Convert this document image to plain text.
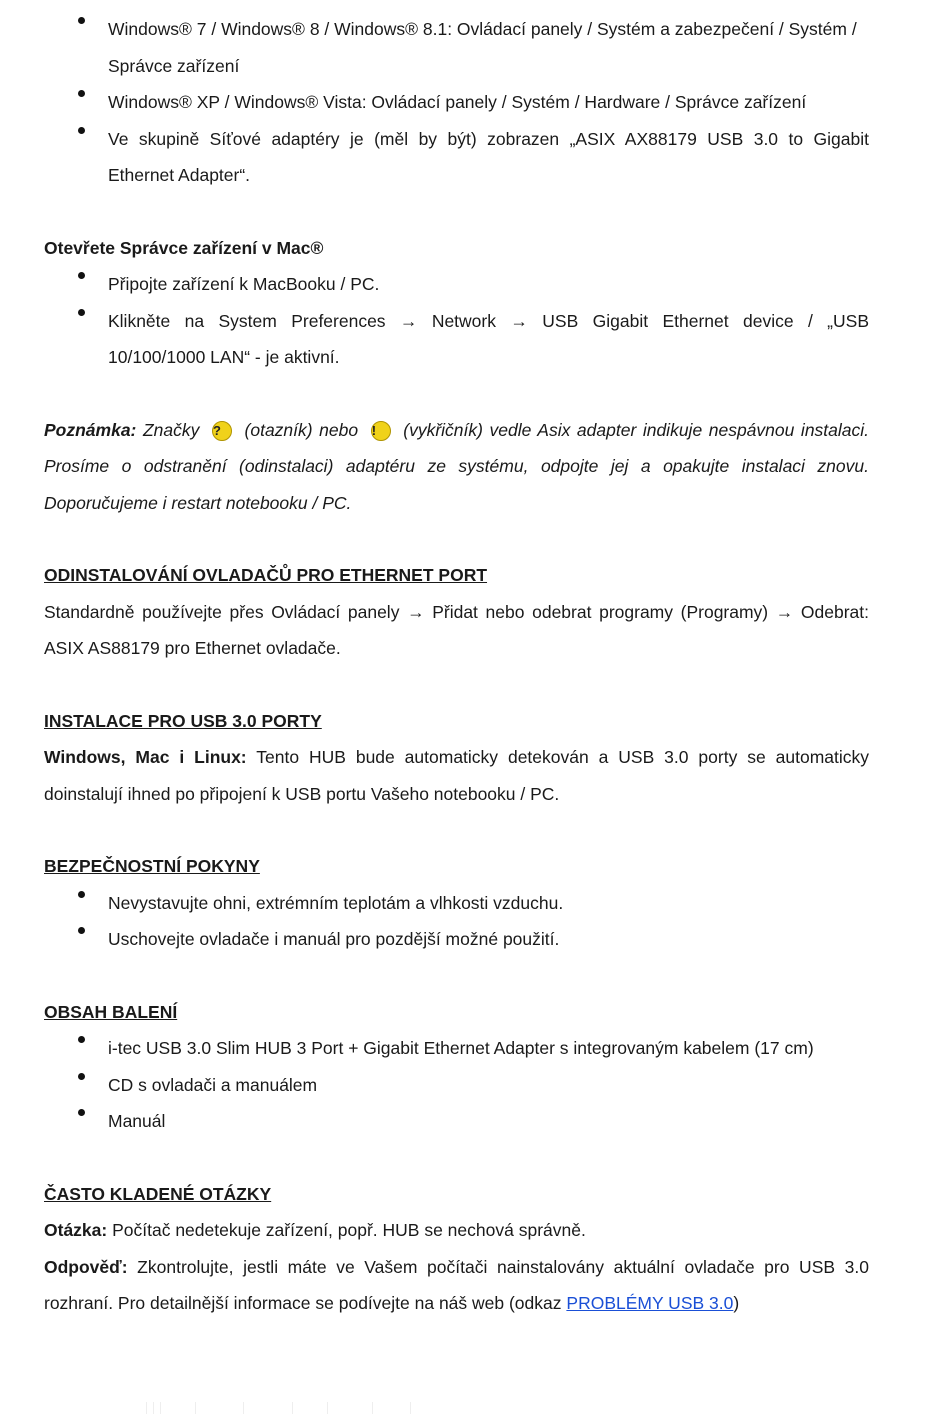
Windows® 7 / Windows® 8 / Windows® 8.1: Ovládací panely / Systém a zabezpečení / Systém /
Správce zařízení
Windows® XP / Windows® Vista: Ovládací panely / Systém / Hardware / Správce zařízení
Ve skupině Síťové adaptéry je (měl by být) zobrazen „ASIX AX88179 USB 3.0 to Gigabit
Ethernet Adapter“.
Otevřete Správce zařízení v Mac®
Připojte zařízení k MacBooku / PC.
Klikněte na System Preferences → Network → USB Gigabit Ethernet device / „USB
10/100/1000 LAN“ - je aktivní.
Poznámka: Značky ? (otazník) nebo ! (vykřičník) vedle Asix adapter indikuje nespávnou instalaci.
Prosíme o odstranění (odinstalaci) adaptéru ze systému, odpojte jej a opakujte instalaci znovu.
Doporučujeme i restart notebooku / PC.
ODINSTALOVÁNÍ OVLADAČŮ PRO ETHERNET PORT
Standardně používejte přes Ovládací panely → Přidat nebo odebrat programy (Programy) → Odebrat:
ASIX AS88179 pro Ethernet ovladače.
INSTALACE PRO USB 3.0 PORTY
Windows, Mac i Linux: Tento HUB bude automaticky detekován a USB 3.0 porty se automaticky
doinstalují ihned po připojení k USB portu Vašeho notebooku / PC.
BEZPEČNOSTNÍ POKYNY
Nevystavujte ohni, extrémním teplotám a vlhkosti vzduchu.
Uschovejte ovladače i manuál pro pozdější možné použití.
OBSAH BALENÍ
i-tec USB 3.0 Slim HUB 3 Port + Gigabit Ethernet Adapter s integrovaným kabelem (17 cm)
CD s ovladači a manuálem
Manuál
ČASTO KLADENÉ OTÁZKY
Otázka: Počítač nedetekuje zařízení, popř. HUB se nechová správně.
Odpověď: Zkontrolujte, jestli máte ve Vašem počítači nainstalovány aktuální ovladače pro USB 3.0
rozhraní. Pro detailnější informace se podívejte na náš web (odkaz PROBLÉMY USB 3.0)
